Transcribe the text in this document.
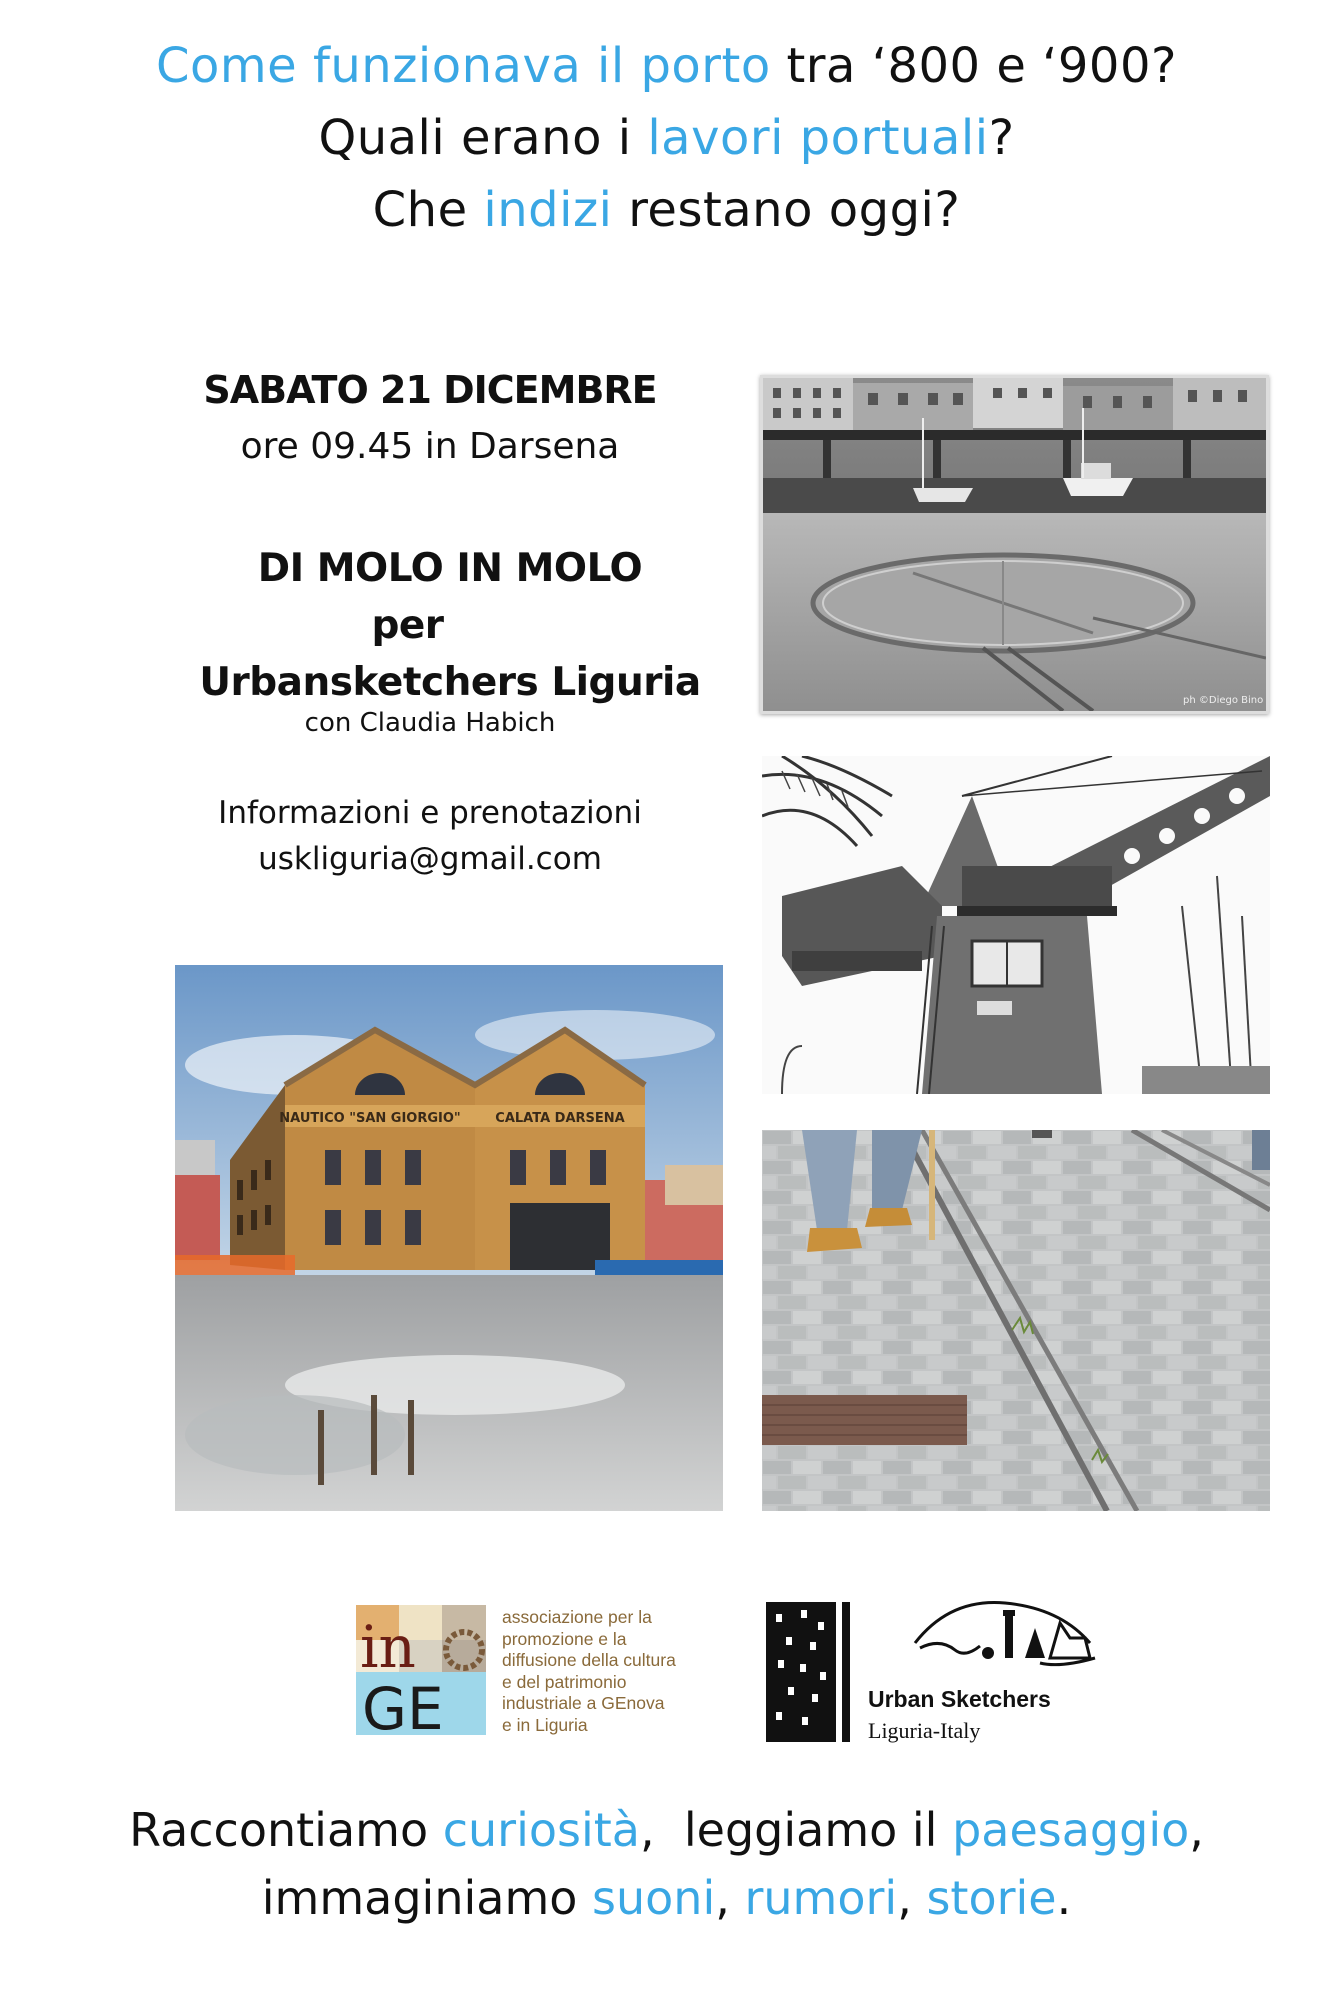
Come funzionava il porto tra ‘800 e ‘900?
Quali erano i lavori portuali?
Che indizi restano oggi?
SABATO 21 DICEMBRE
ore 09.45 in Darsena
DI MOLO IN MOLO
per
Urbansketchers Liguria
con Claudia Habich
Informazioni e prenotazioni
uskliguria@gmail.com
ph ©Diego Bino
NAUTICO "SAN GIORGIO"	CALATA DARSENA
in
GE
associazione per la
promozione e la
diffusione della cultura
e del patrimonio
industriale a GEnova
e in Liguria
Urban Sketchers
Liguria-Italy
Raccontiamo curiosità,  leggiamo il paesaggio,
immaginiamo suoni, rumori, storie.
